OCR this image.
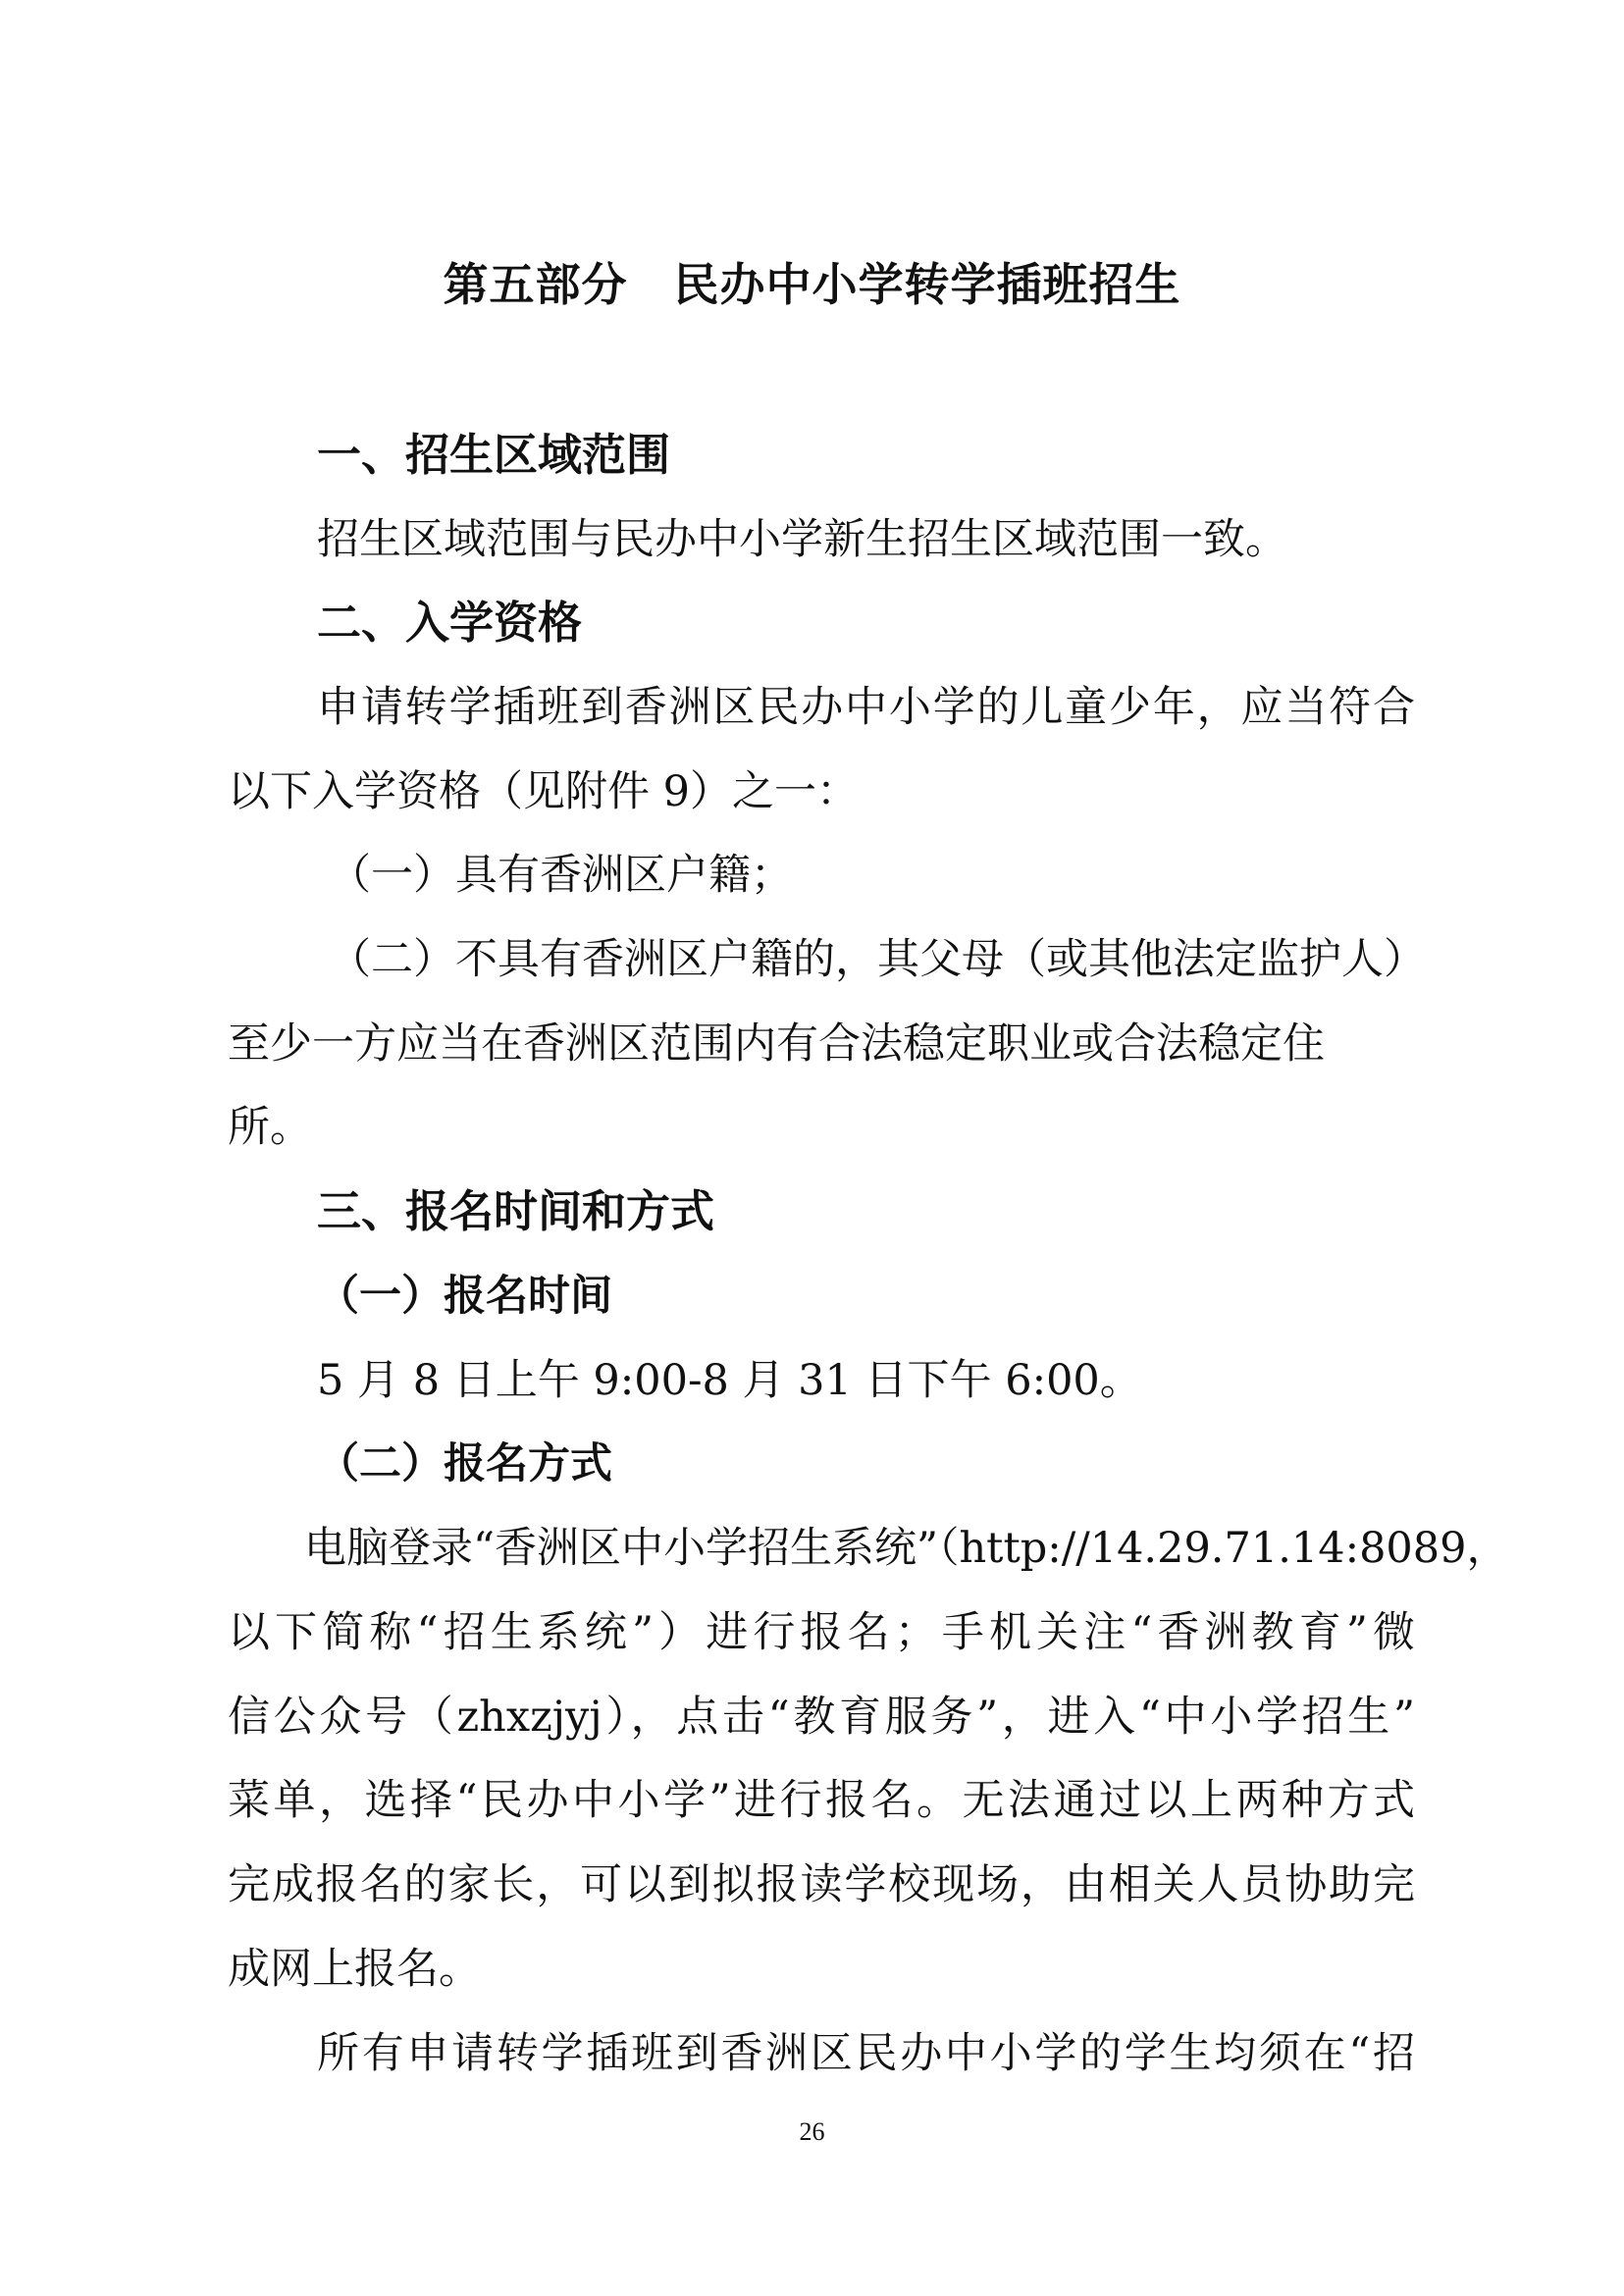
第五部分　民办中小学转学插班招生
一、招生区域范围
招生区域范围与民办中小学新生招生区域范围一致。
二、入学资格
申请转学插班到香洲区民办中小学的儿童少年，应当符合
以下入学资格（见附件 9）之一：
（一）具有香洲区户籍；
（二）不具有香洲区户籍的，其父母（或其他法定监护人）
至少一方应当在香洲区范围内有合法稳定职业或合法稳定住
所。
三、报名时间和方式
（一）报名时间
5 月 8 日上午 9:00-8 月 31 日下午 6:00。
（二）报名方式
电脑登录“香洲区中小学招生系统”（http://14.29.71.14:8089，
以下简称“招生系统”）进行报名；手机关注“香洲教育”微
信公众号（zhxzjyj），点击“教育服务”，进入“中小学招生”
菜单，选择“民办中小学”进行报名。无法通过以上两种方式
完成报名的家长，可以到拟报读学校现场，由相关人员协助完
成网上报名。
所有申请转学插班到香洲区民办中小学的学生均须在“招
26
